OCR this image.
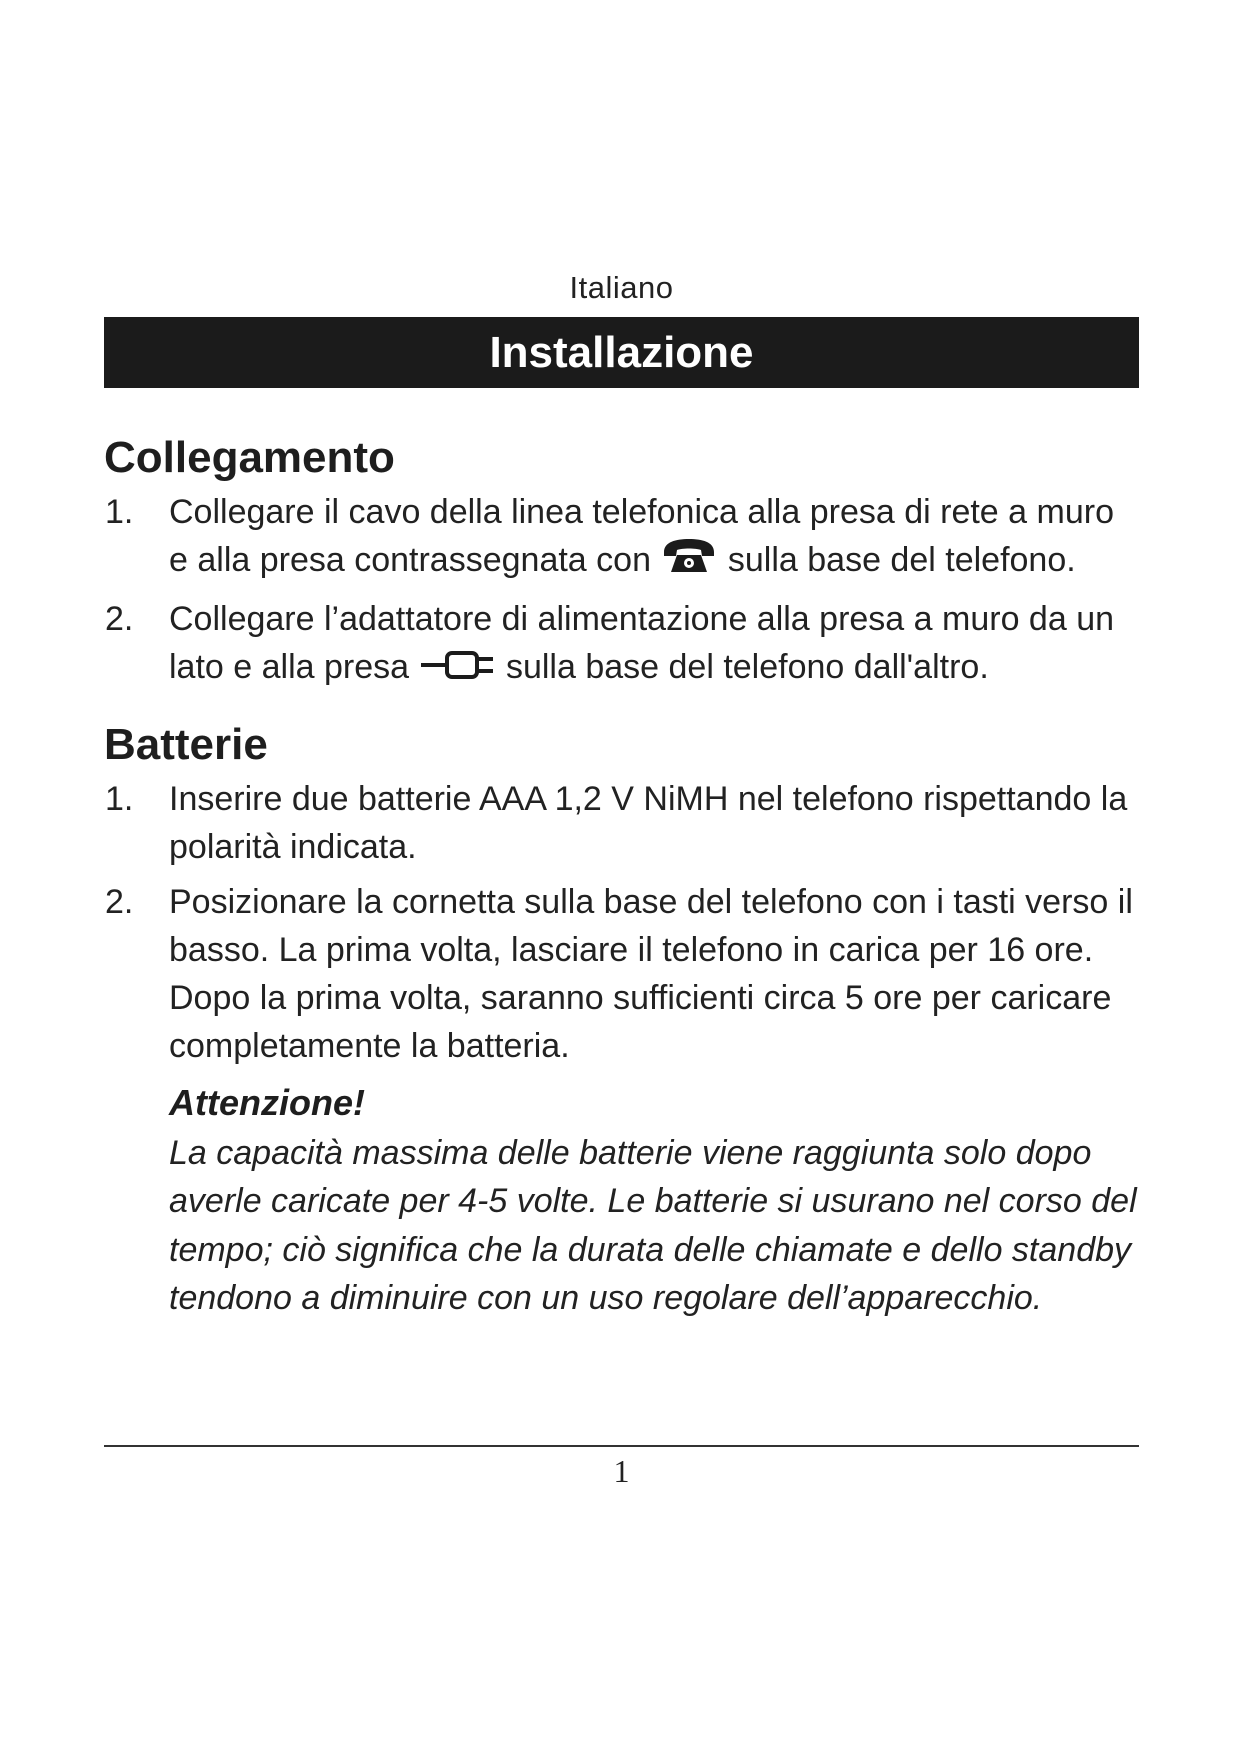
Italiano
Installazione
Collegamento
1. Collegare il cavo della linea telefonica alla presa di rete a muro e alla presa contrassegnata con sulla base del telefono.
2. Collegare l’adattatore di alimentazione alla presa a muro da un lato e alla presa	sulla base del telefono dall'altro.
Batterie
1. Inserire due batterie AAA 1,2 V NiMH nel telefono rispettando la polarità indicata.
2. Posizionare la cornetta sulla base del telefono con i tasti verso il basso. La prima volta, lasciare il telefono in carica per 16 ore. Dopo la prima volta, saranno sufficienti circa 5 ore per caricare completamente la batteria.
Attenzione!
La capacità massima delle batterie viene raggiunta solo dopo averle caricate per 4-5 volte. Le batterie si usurano nel corso del tempo; ciò significa che la durata delle chiamate e dello standby tendono a diminuire con un uso regolare dell’apparecchio.
1
